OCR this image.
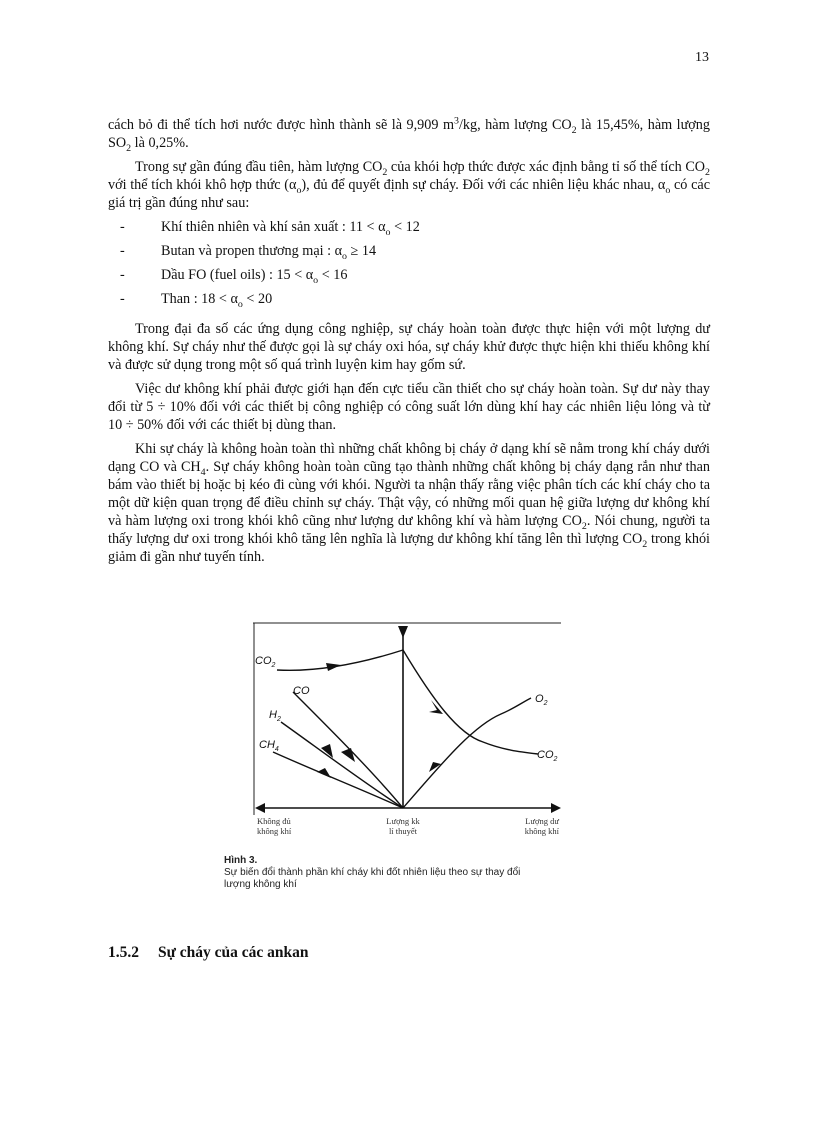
13

cách bỏ đi thể tích hơi nước được hình thành sẽ là 9,909 $m^3/kg$, hàm lượng $CO_2$ là 15,45%, hàm lượng $SO_2$ là 0,25%.

Trong sự gần đúng đầu tiên, hàm lượng $CO_2$ của khói hợp thức được xác định bằng tỉ số thể tích $CO_2$ với thể tích khói khô hợp thức $(\alpha_o)$, đủ để quyết định sự cháy. Đối với các nhiên liệu khác nhau, $\alpha_o$ có các giá trị gần đúng như sau:

-	Khí thiên nhiên và khí sản xuất : $11 < \alpha_o < 12$
-	Butan và propen thương mại : $\alpha_o \ge 14$
-	Dầu FO (fuel oils) : $15 < \alpha_o < 16$
-	Than : $18 < \alpha_o < 20$

Trong đại đa số các ứng dụng công nghiệp, sự cháy hoàn toàn được thực hiện với một lượng dư không khí. Sự cháy như thế được gọi là sự cháy oxi hóa, sự cháy khử được thực hiện khi thiếu không khí và được sử dụng trong một số quá trình luyện kim hay gốm sứ.

Việc dư không khí phải được giới hạn đến cực tiểu cần thiết cho sự cháy hoàn toàn. Sự dư này thay đổi từ 5 ÷ 10% đối với các thiết bị công nghiệp có công suất lớn dùng khí hay các nhiên liệu lỏng và từ 10 ÷ 50% đối với các thiết bị dùng than.

Khi sự cháy là không hoàn toàn thì những chất không bị cháy ở dạng khí sẽ nằm trong khí cháy dưới dạng CO và $CH_4$. Sự cháy không hoàn toàn cũng tạo thành những chất không bị cháy dạng rắn như than bám vào thiết bị hoặc bị kéo đi cùng với khói. Người ta nhận thấy rằng việc phân tích các khí cháy cho ta một dữ kiện quan trọng để điều chỉnh sự cháy. Thật vậy, có những mối quan hệ giữa lượng dư không khí và hàm lượng oxi trong khói khô cũng như lượng dư không khí và hàm lượng $CO_2$. Nói chung, người ta thấy lượng dư oxi trong khói khô tăng lên nghĩa là lượng dư không khí tăng lên thì lượng $CO_2$ trong khói giảm đi gần như tuyến tính.

$CO_2$
CO
$H_2$
$CH_4$
$O_2$
$CO_2$
Không đủ
không khí
Lượng kk
lí thuyết
Lượng dư
không khí
Hình 3.
Sự biến đổi thành phần khí cháy khi đốt nhiên liệu theo sự thay đổi
lượng không khí
1.5.2 Sự cháy của các ankan
